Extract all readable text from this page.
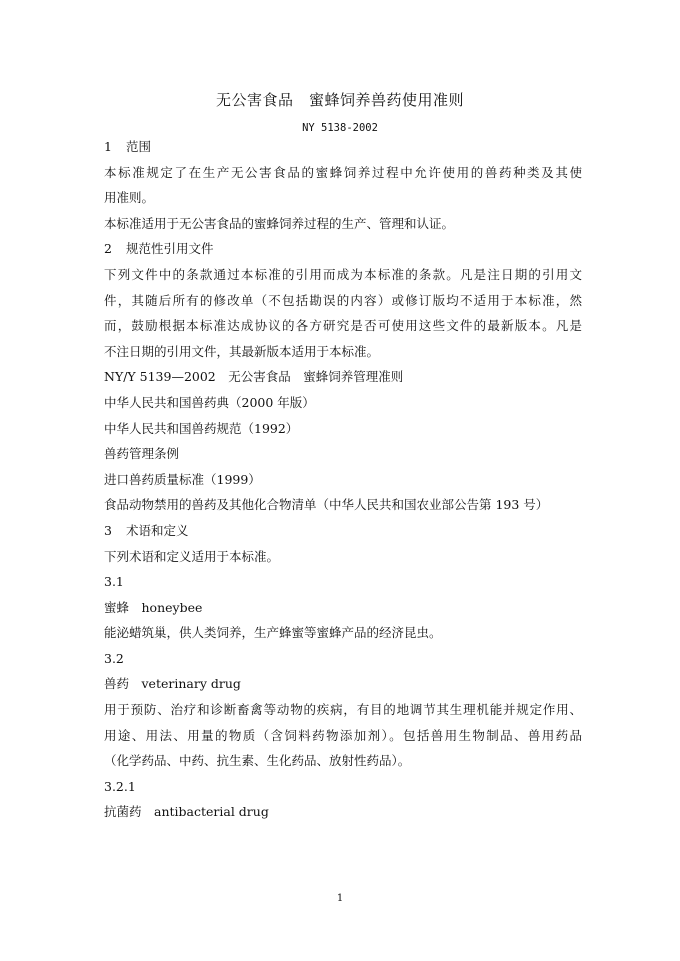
无公害食品　蜜蜂饲养兽药使用准则
NY 5138-2002

1 范围

本标准规定了在生产无公害食品的蜜蜂饲养过程中允许使用的兽药种类及其使

用准则。

本标准适用于无公害食品的蜜蜂饲养过程的生产、管理和认证。

2 规范性引用文件

下列文件中的条款通过本标准的引用而成为本标准的条款。凡是注日期的引用文

件，其随后所有的修改单（不包括勘误的内容）或修订版均不适用于本标准，然

而，鼓励根据本标准达成协议的各方研究是否可使用这些文件的最新版本。凡是

不注日期的引用文件，其最新版本适用于本标准。

NY/Y 5139—2002　无公害食品　蜜蜂饲养管理准则

中华人民共和国兽药典（2000 年版）

中华人民共和国兽药规范（1992）

兽药管理条例

进口兽药质量标准（1999）

食品动物禁用的兽药及其他化合物清单（中华人民共和国农业部公告第 193 号）

3 术语和定义

下列术语和定义适用于本标准。

3.1

蜜蜂　honeybee

能泌蜡筑巢，供人类饲养，生产蜂蜜等蜜蜂产品的经济昆虫。

3.2

兽药　veterinary drug

用于预防、治疗和诊断畜禽等动物的疾病，有目的地调节其生理机能并规定作用、

用途、用法、用量的物质（含饲料药物添加剂）。包括兽用生物制品、兽用药品

（化学药品、中药、抗生素、生化药品、放射性药品）。

3.2.1

抗菌药　antibacterial drug

1
